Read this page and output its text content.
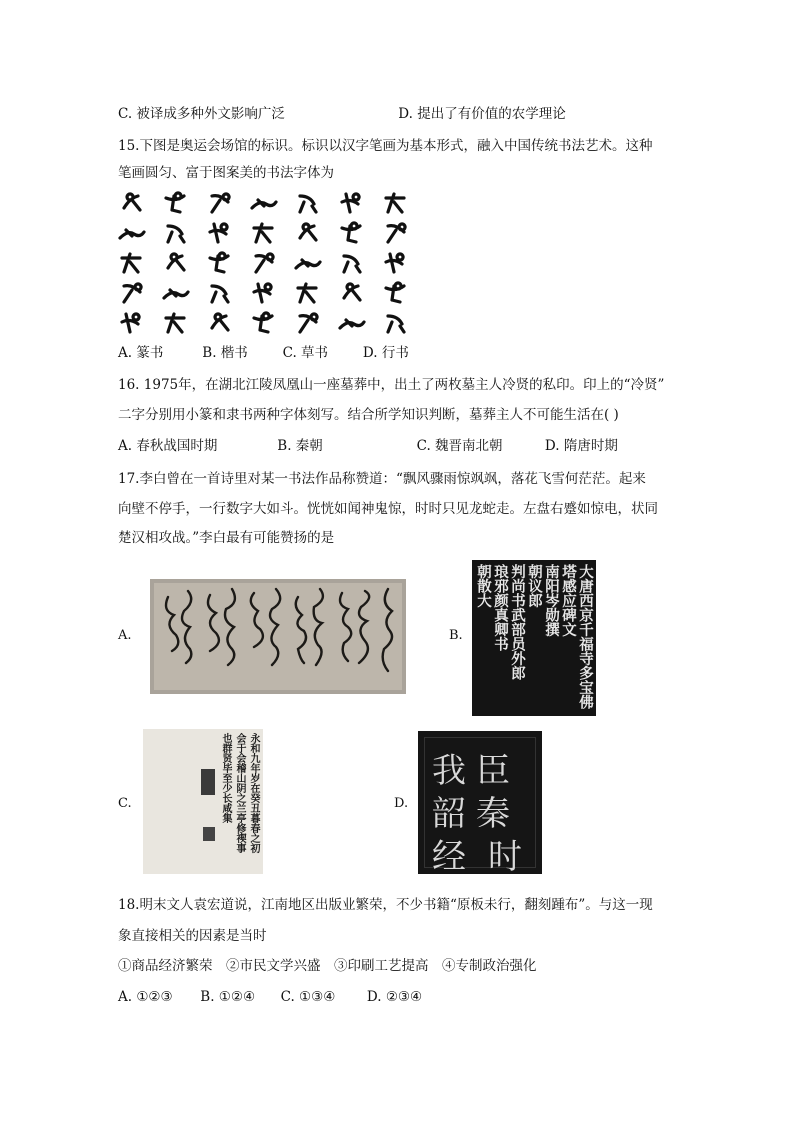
C. 被译成多种外文影响广泛	D. 提出了有价值的农学理论
15.下图是奥运会场馆的标识。标识以汉字笔画为基本形式，融入中国传统书法艺术。这种
笔画圆匀、富于图案美的书法字体为
A. 篆书	B. 楷书	C. 草书	D. 行书
16. 1975年，在湖北江陵凤凰山一座墓葬中，出土了两枚墓主人冷贤的私印。印上的“冷贤”
二字分别用小篆和隶书两种字体刻写。结合所学知识判断，墓葬主人不可能生活在( )
A. 春秋战国时期	B. 秦朝	C. 魏晋南北朝	D. 隋唐时期
17.李白曾在一首诗里对某一书法作品称赞道：“飘风骤雨惊飒飒，落花飞雪何茫茫。起来
向壁不停手，一行数字大如斗。恍恍如闻神鬼惊，时时只见龙蛇走。左盘右蹙如惊电，状同
楚汉相攻战。”李白最有可能赞扬的是
A.	B.	大唐西京千福寺多宝佛
塔感应碑文
南阳岑勋撰
朝议郎
判尚书武部员外郎
琅邪颜真卿书
朝散大
C.	永和九年岁在癸丑暮春之初
会于会稽山阴之兰亭修禊事
也群贤毕至少长咸集	D.
我臣
韶秦
经 时
18.明末文人袁宏道说，江南地区出版业繁荣，不少书籍“原板未行，翻刻踵布”。与这一现
象直接相关的因素是当时
①商品经济繁荣　②市民文学兴盛　③印刷工艺提高　④专制政治强化
A. ①②③ B. ①②④ C. ①③④ D. ②③④
